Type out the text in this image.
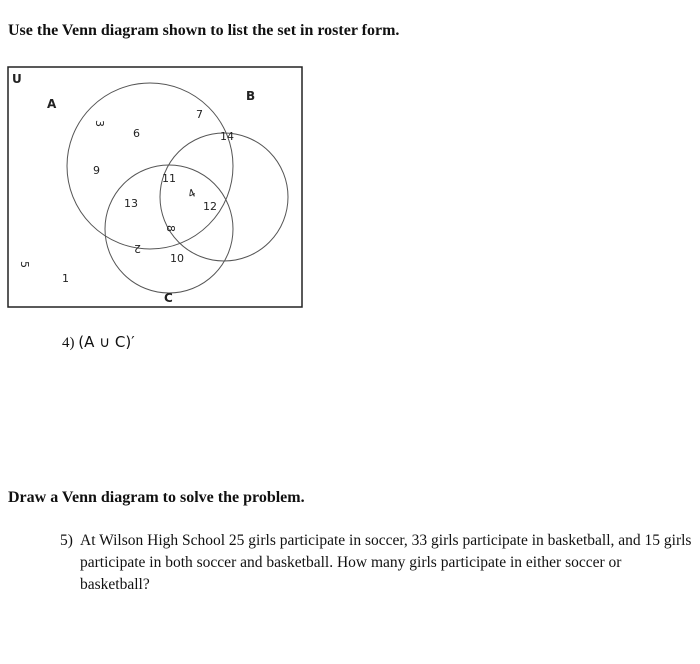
Use the Venn diagram shown to list the set in roster form.
U
A
B
C
3
9
6
11
13
7
14
4
12
8
2
10
5
1
4) (A ∪ C)′
Draw a Venn diagram to solve the problem.
5) At Wilson High School 25 girls participate in soccer, 33 girls participate in basketball, and 15 girls participate in both soccer and basketball. How many girls participate in either soccer or basketball?
